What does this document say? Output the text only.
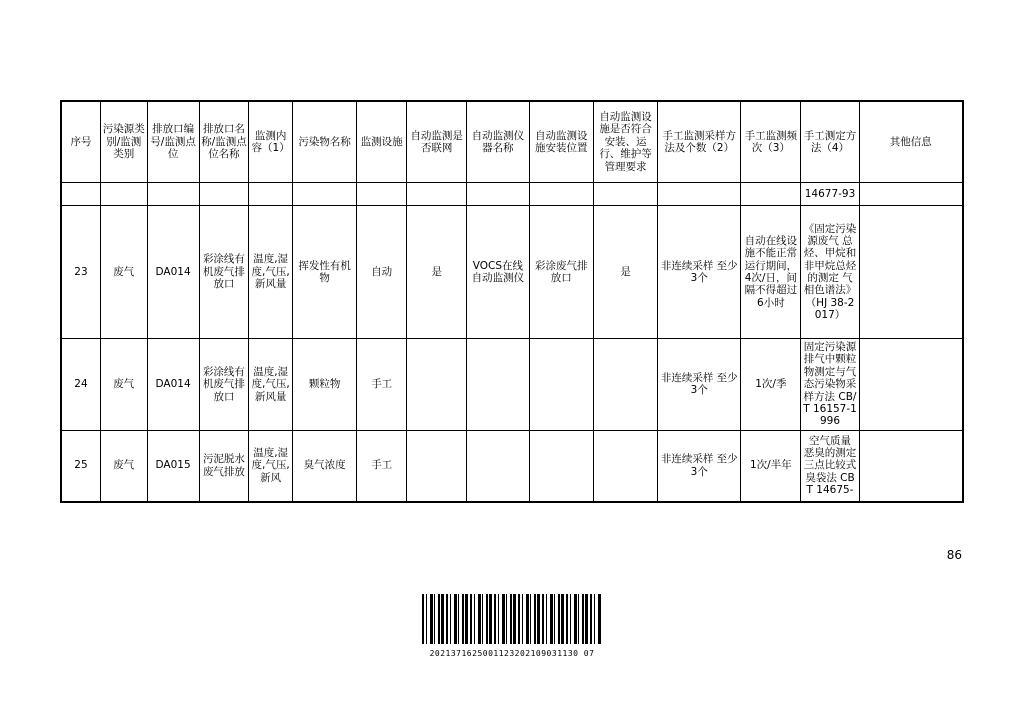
序号	污染源类别/监测类别	排放口编号/监测点位	排放口名称/监测点位名称	监测内容（1）	污染物名称	监测设施	自动监测是否联网	自动监测仪器名称	自动监测设施安装位置	自动监测设施是否符合安装、运行、维护等管理要求	手工监测采样方法及个数（2）	手工监测频次（3）	手工测定方法（4）	其他信息
													14677-93	
23	废气	DA014	彩涂线有机废气排放口	温度,湿度,气压,新风量	挥发性有机物	自动	是	VOCS在线自动监测仪	彩涂废气排放口	是	非连续采样 至少3个	自动在线设施不能正常运行期间，4次/日，间隔不得超过6小时	《固定污染源废气 总烃、甲烷和非甲烷总烃的测定 气相色谱法》（HJ 38-2017）	
24	废气	DA014	彩涂线有机废气排放口	温度,湿度,气压,新风量	颗粒物	手工					非连续采样 至少3个	1次/季	固定污染源排气中颗粒物测定与气态污染物采样方法 CB/T 16157-1996	
25	废气	DA015	污泥脱水废气排放	温度,湿度,气压,新风	臭气浓度	手工					非连续采样 至少3个	1次/半年	空气质量 恶臭的测定 三点比较式臭袋法 CB T 14675-	
86
2021371625001123202109031130 07
